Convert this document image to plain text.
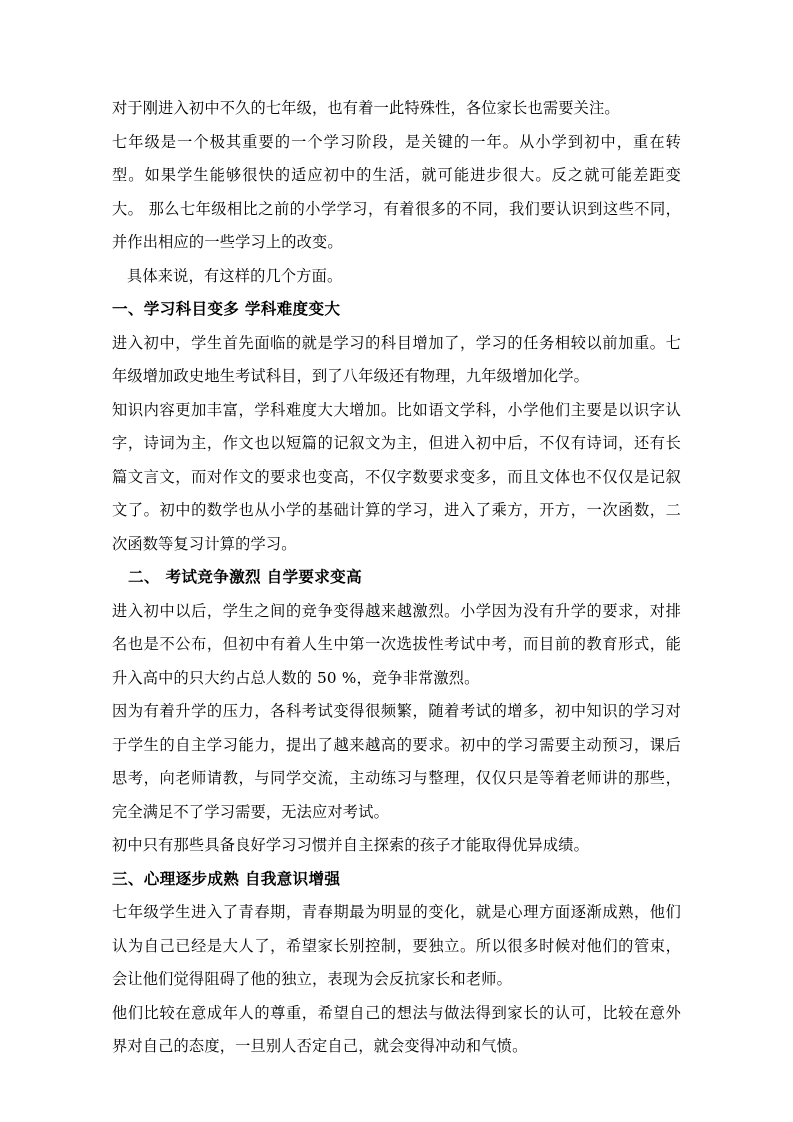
对于刚进入初中不久的七年级，也有着一此特殊性，各位家长也需要关注。

七年级是一个极其重要的一个学习阶段，是关键的一年。从小学到初中，重在转型。如果学生能够很快的适应初中的生活，就可能进步很大。反之就可能差距变大。 那么七年级相比之前的小学学习，有着很多的不同，我们要认识到这些不同，并作出相应的一些学习上的改变。

具体来说，有这样的几个方面。

一、学习科目变多 学科难度变大

进入初中，学生首先面临的就是学习的科目增加了，学习的任务相较以前加重。七年级增加政史地生考试科目，到了八年级还有物理，九年级增加化学。

知识内容更加丰富，学科难度大大增加。比如语文学科，小学他们主要是以识字认字，诗词为主，作文也以短篇的记叙文为主，但进入初中后，不仅有诗词，还有长篇文言文，而对作文的要求也变高，不仅字数要求变多，而且文体也不仅仅是记叙文了。初中的数学也从小学的基础计算的学习，进入了乘方，开方，一次函数，二次函数等复习计算的学习。

二、 考试竞争激烈 自学要求变高

进入初中以后，学生之间的竞争变得越来越激烈。小学因为没有升学的要求，对排名也是不公布，但初中有着人生中第一次选拔性考试中考，而目前的教育形式，能升入高中的只大约占总人数的 50 %，竞争非常激烈。

因为有着升学的压力，各科考试变得很频繁，随着考试的增多，初中知识的学习对于学生的自主学习能力，提出了越来越高的要求。初中的学习需要主动预习，课后思考，向老师请教，与同学交流，主动练习与整理，仅仅只是等着老师讲的那些，完全满足不了学习需要，无法应对考试。

初中只有那些具备良好学习习惯并自主探索的孩子才能取得优异成绩。

三、心理逐步成熟 自我意识增强

七年级学生进入了青春期，青春期最为明显的变化，就是心理方面逐渐成熟，他们认为自己已经是大人了，希望家长别控制，要独立。所以很多时候对他们的管束，会让他们觉得阻碍了他的独立，表现为会反抗家长和老师。

他们比较在意成年人的尊重，希望自己的想法与做法得到家长的认可，比较在意外界对自己的态度，一旦别人否定自己，就会变得冲动和气愤。
